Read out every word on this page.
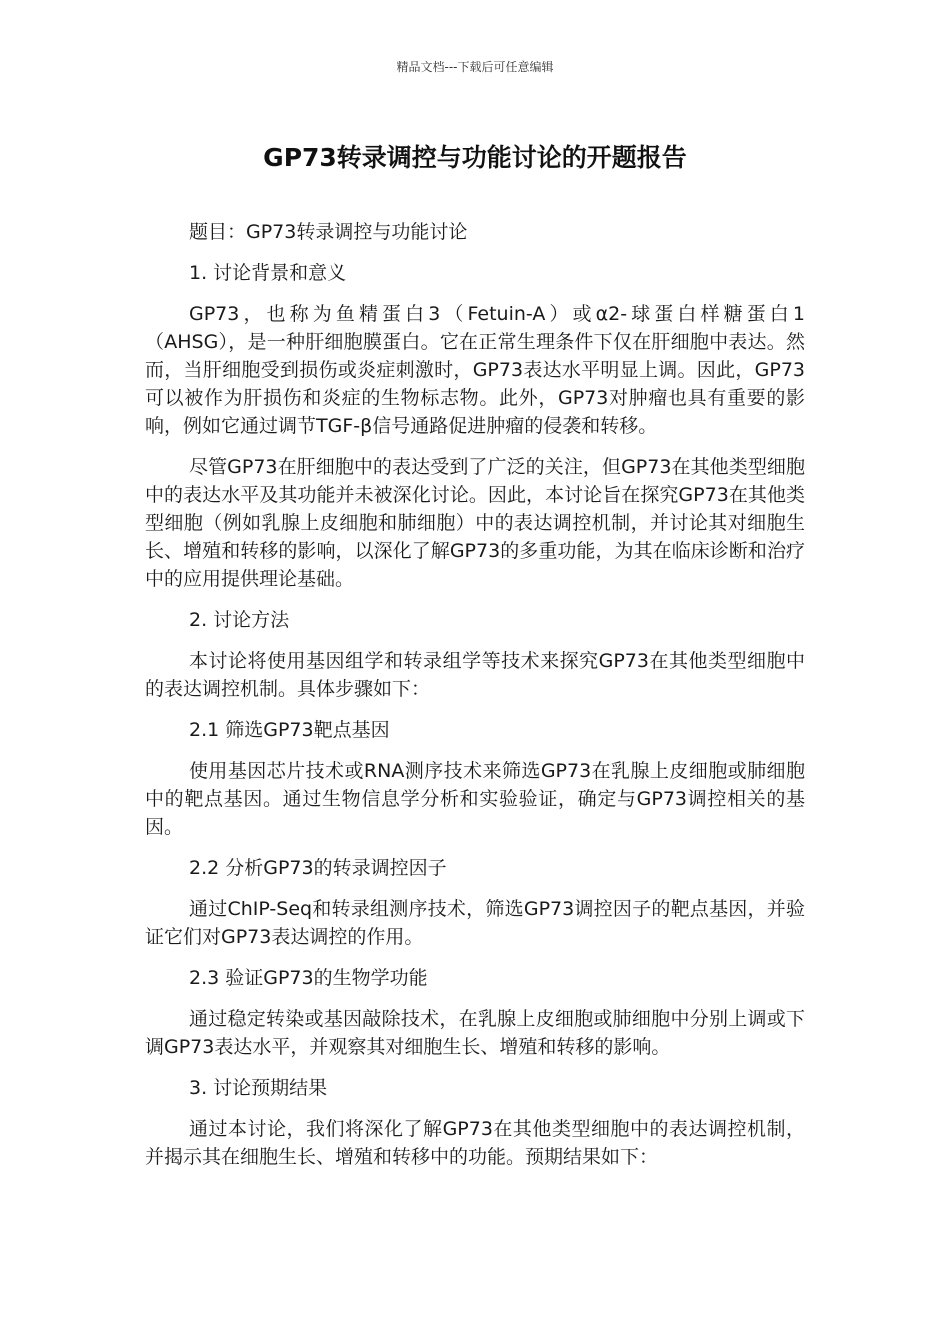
精品文档---下载后可任意编辑
GP73转录调控与功能讨论的开题报告
题目：GP73转录调控与功能讨论
1. 讨论背景和意义

GP73，也称为鱼精蛋白3（Fetuin-A）或α2-球蛋白样糖蛋白1（AHSG），是一种肝细胞膜蛋白。它在正常生理条件下仅在肝细胞中表达。然而，当肝细胞受到损伤或炎症刺激时，GP73表达水平明显上调。因此，GP73可以被作为肝损伤和炎症的生物标志物。此外，GP73对肿瘤也具有重要的影响，例如它通过调节TGF-β信号通路促进肿瘤的侵袭和转移。

尽管GP73在肝细胞中的表达受到了广泛的关注，但GP73在其他类型细胞中的表达水平及其功能并未被深化讨论。因此，本讨论旨在探究GP73在其他类型细胞（例如乳腺上皮细胞和肺细胞）中的表达调控机制，并讨论其对细胞生长、增殖和转移的影响，以深化了解GP73的多重功能，为其在临床诊断和治疗中的应用提供理论基础。

2. 讨论方法

本讨论将使用基因组学和转录组学等技术来探究GP73在其他类型细胞中的表达调控机制。具体步骤如下：

2.1 筛选GP73靶点基因

使用基因芯片技术或RNA测序技术来筛选GP73在乳腺上皮细胞或肺细胞中的靶点基因。通过生物信息学分析和实验验证，确定与GP73调控相关的基因。

2.2 分析GP73的转录调控因子

通过ChIP-Seq和转录组测序技术，筛选GP73调控因子的靶点基因，并验证它们对GP73表达调控的作用。

2.3 验证GP73的生物学功能

通过稳定转染或基因敲除技术，在乳腺上皮细胞或肺细胞中分别上调或下调GP73表达水平，并观察其对细胞生长、增殖和转移的影响。

3. 讨论预期结果

通过本讨论，我们将深化了解GP73在其他类型细胞中的表达调控机制，并揭示其在细胞生长、增殖和转移中的功能。预期结果如下：
